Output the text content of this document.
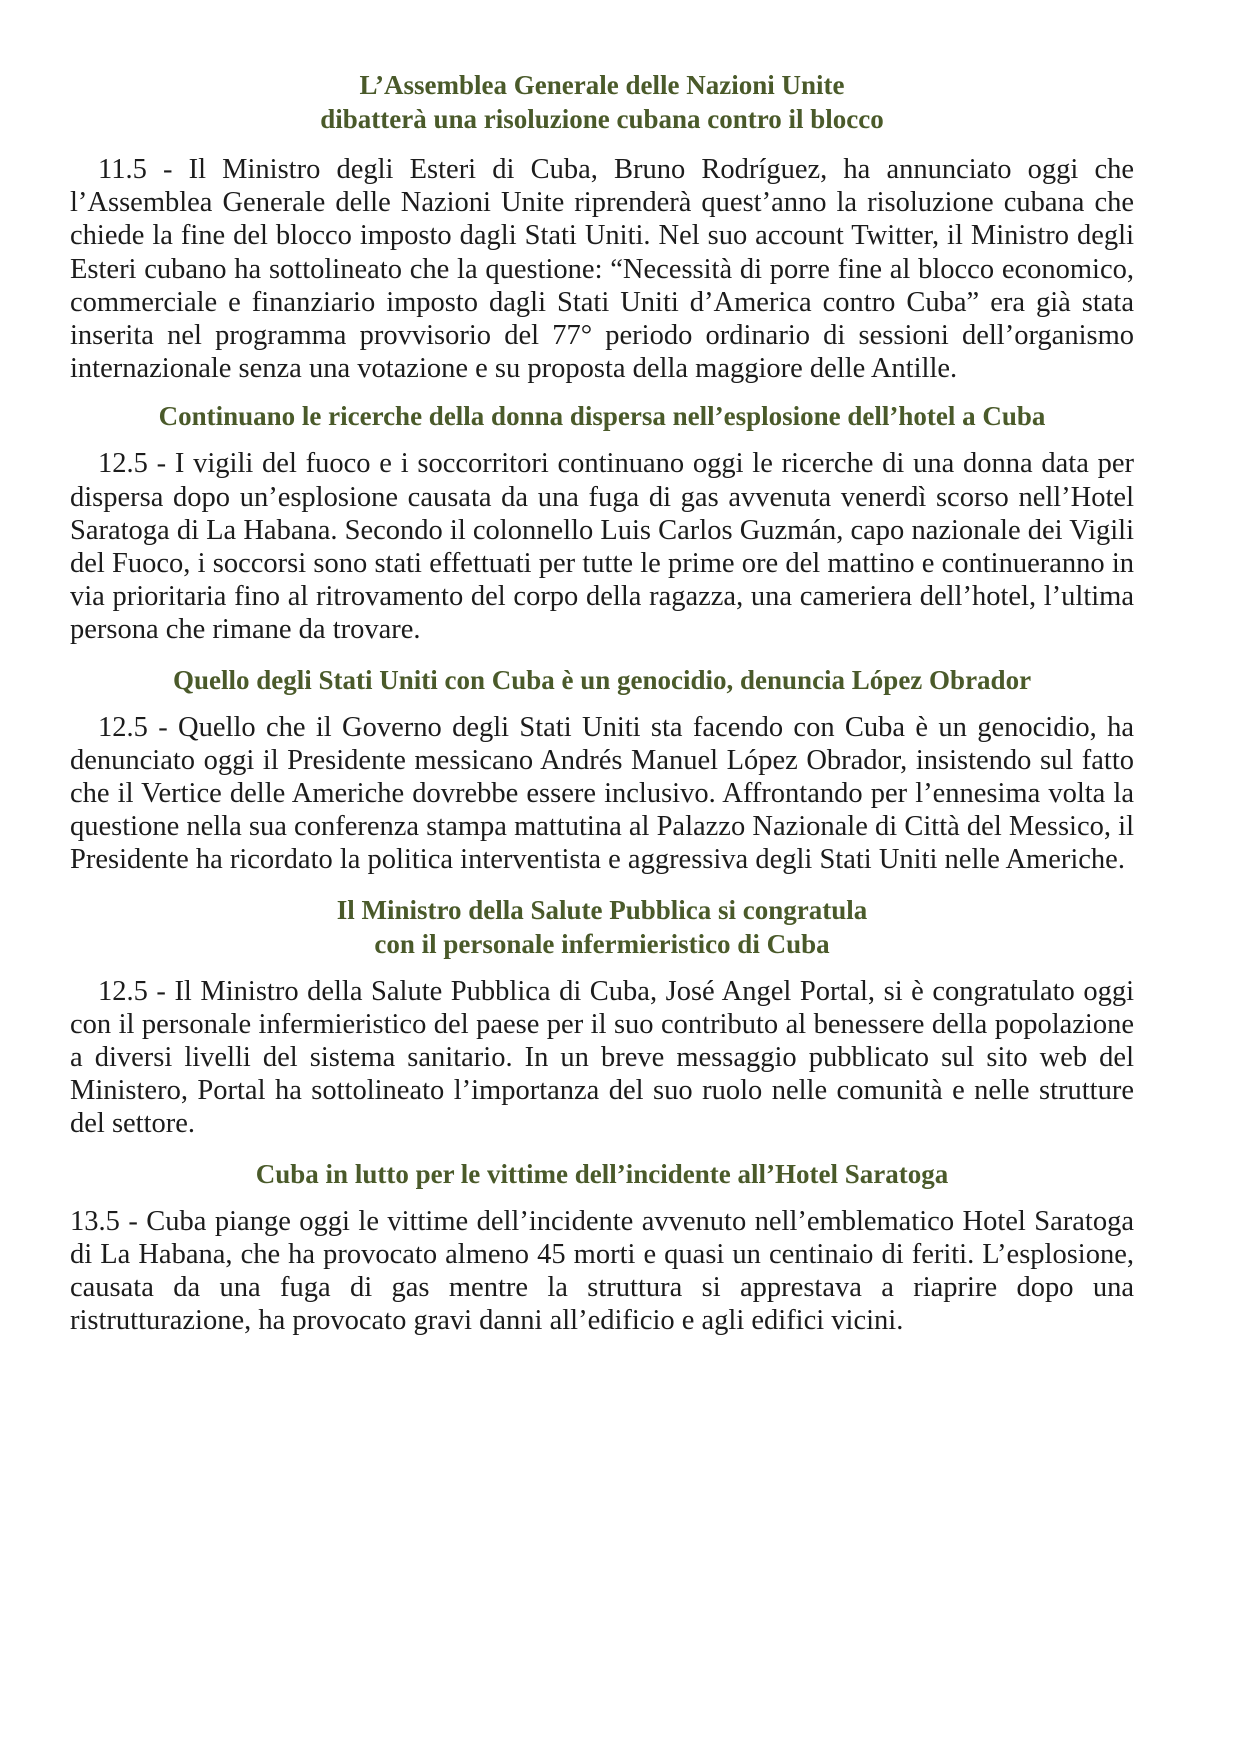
L’Assemblea Generale delle Nazioni Unite
dibatterà una risoluzione cubana contro il blocco

11.5 - Il Ministro degli Esteri di Cuba, Bruno Rodríguez, ha annunciato oggi che l’Assemblea Generale delle Nazioni Unite riprenderà quest’anno la risoluzione cubana che chiede la fine del blocco imposto dagli Stati Uniti. Nel suo account Twitter, il Ministro degli Esteri cubano ha sottolineato che la questione: “Necessità di porre fine al blocco economico, commerciale e finanziario imposto dagli Stati Uniti d’America contro Cuba” era già stata inserita nel programma provvisorio del 77° periodo ordinario di sessioni dell’organismo internazionale senza una votazione e su proposta della maggiore delle Antille.

Continuano le ricerche della donna dispersa nell’esplosione dell’hotel a Cuba

12.5 - I vigili del fuoco e i soccorritori continuano oggi le ricerche di una donna data per dispersa dopo un’esplosione causata da una fuga di gas avvenuta venerdì scorso nell’Hotel Saratoga di La Habana. Secondo il colonnello Luis Carlos Guzmán, capo nazionale dei Vigili del Fuoco, i soccorsi sono stati effettuati per tutte le prime ore del mattino e continueranno in via prioritaria fino al ritrovamento del corpo della ragazza, una cameriera dell’hotel, l’ultima persona che rimane da trovare.

Quello degli Stati Uniti con Cuba è un genocidio, denuncia López Obrador

12.5 - Quello che il Governo degli Stati Uniti sta facendo con Cuba è un genocidio, ha denunciato oggi il Presidente messicano Andrés Manuel López Obrador, insistendo sul fatto che il Vertice delle Americhe dovrebbe essere inclusivo. Affrontando per l’ennesima volta la questione nella sua conferenza stampa mattutina al Palazzo Nazionale di Città del Messico, il Presidente ha ricordato la politica interventista e aggressiva degli Stati Uniti nelle Americhe.

Il Ministro della Salute Pubblica si congratula
con il personale infermieristico di Cuba

12.5 - Il Ministro della Salute Pubblica di Cuba, José Angel Portal, si è congratulato oggi con il personale infermieristico del paese per il suo contributo al benessere della popolazione a diversi livelli del sistema sanitario. In un breve messaggio pubblicato sul sito web del Ministero, Portal ha sottolineato l’importanza del suo ruolo nelle comunità e nelle strutture del settore.

Cuba in lutto per le vittime dell’incidente all’Hotel Saratoga

13.5 - Cuba piange oggi le vittime dell’incidente avvenuto nell’emblematico Hotel Saratoga di La Habana, che ha provocato almeno 45 morti e quasi un centinaio di feriti. L’esplosione, causata da una fuga di gas mentre la struttura si apprestava a riaprire dopo una ristrutturazione, ha provocato gravi danni all’edificio e agli edifici vicini.
